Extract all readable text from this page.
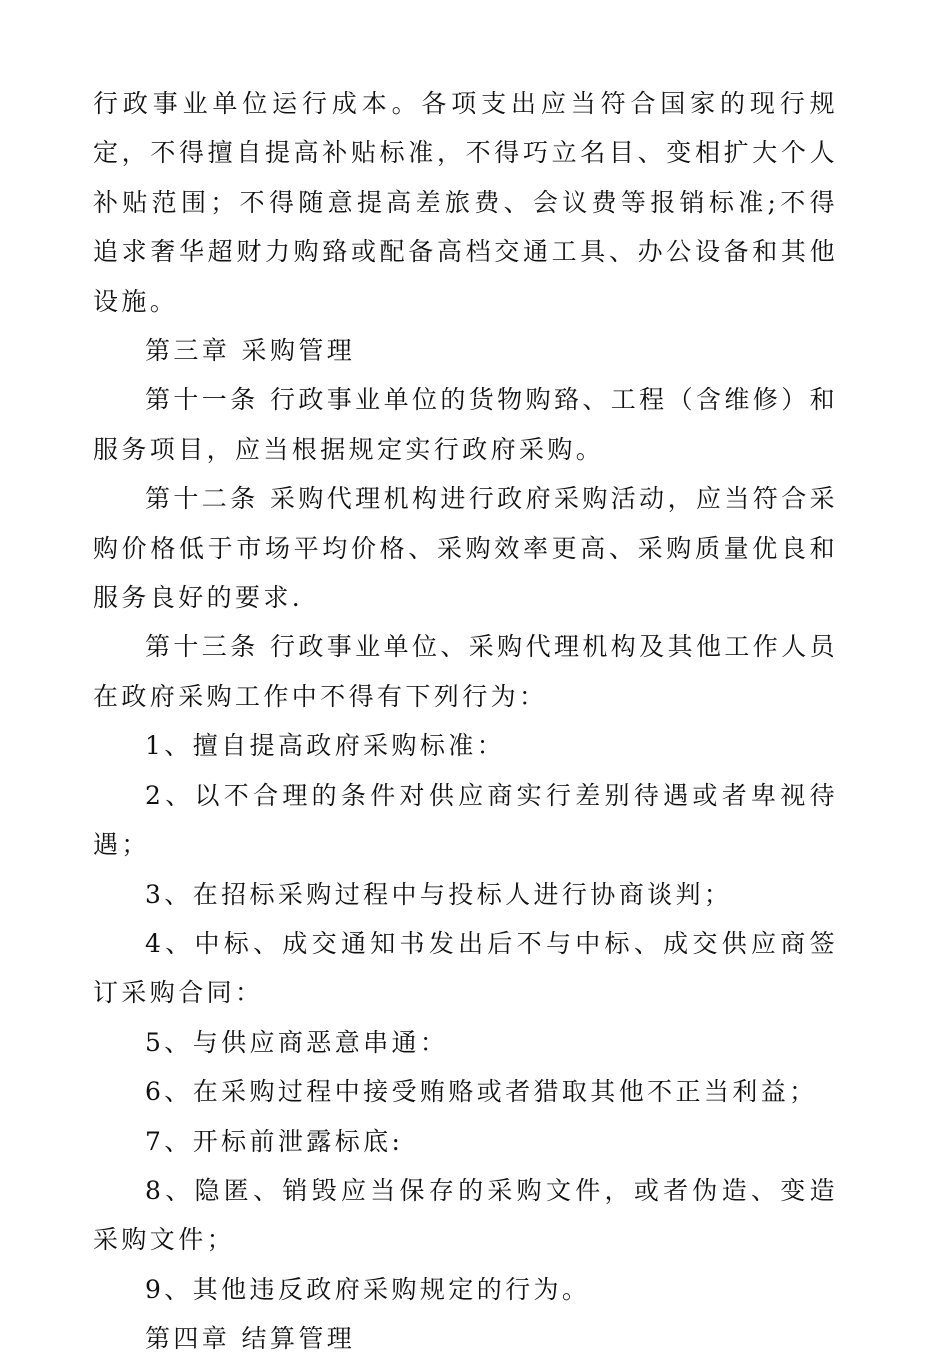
行政事业单位运行成本。各项支出应当符合国家的现行规定，不得擅自提高补贴标准，不得巧立名目、变相扩大个人补贴范围；不得随意提高差旅费、会议费等报销标准;不得追求奢华超财力购臵或配备高档交通工具、办公设备和其他设施。

第三章 采购管理

第十一条 行政事业单位的货物购臵、工程（含维修）和服务项目，应当根据规定实行政府采购。

第十二条 采购代理机构进行政府采购活动，应当符合采购价格低于市场平均价格、采购效率更高、采购质量优良和服务良好的要求.

第十三条 行政事业单位、采购代理机构及其他工作人员在政府采购工作中不得有下列行为：

1、擅自提高政府采购标准：

2、以不合理的条件对供应商实行差别待遇或者卑视待遇；

3、在招标采购过程中与投标人进行协商谈判；

4、中标、成交通知书发出后不与中标、成交供应商签订采购合同：

5、与供应商恶意串通：

6、在采购过程中接受贿赂或者猎取其他不正当利益；

7、开标前泄露标底:

8、隐匿、销毁应当保存的采购文件，或者伪造、变造采购文件；

9、其他违反政府采购规定的行为。

第四章 结算管理
